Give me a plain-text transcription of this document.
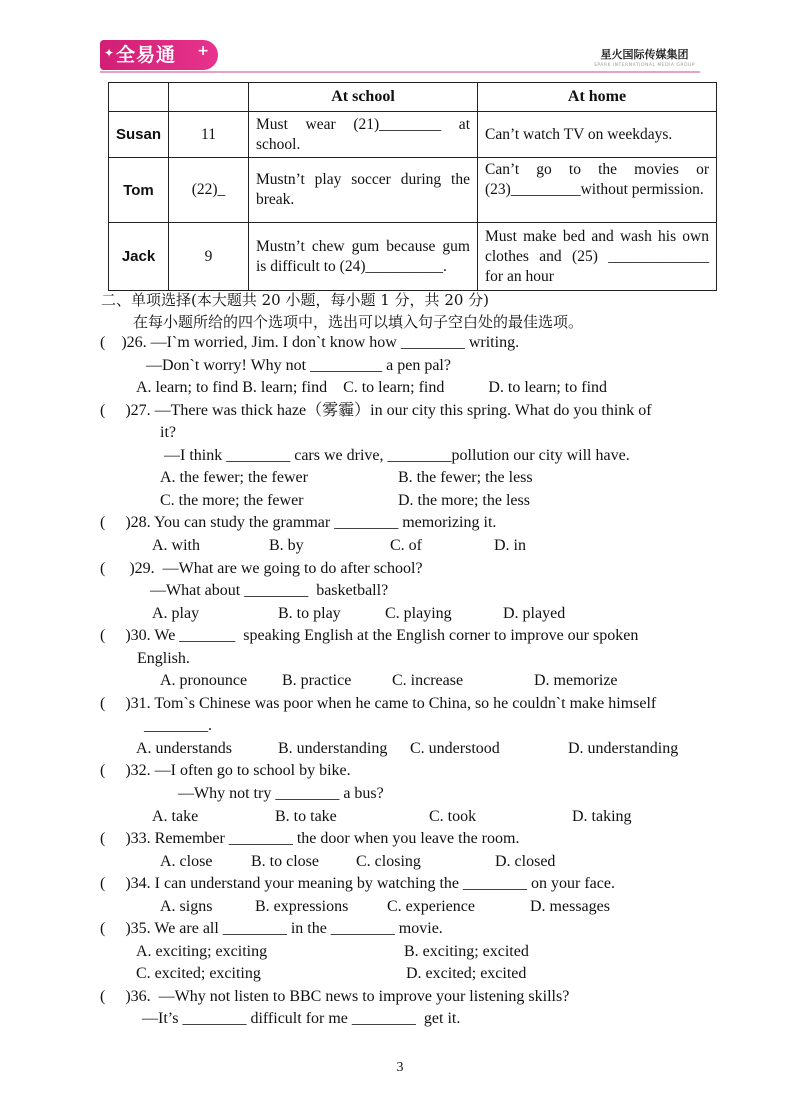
✦ 全易通 +	星火国际传媒集团
SPARK INTERNATIONAL MEDIA GROUP
		At school	At home
Susan	11	Must wear (21)________ at school.	Can’t watch TV on weekdays.
Tom	(22)_	Mustn’t play soccer during the break.	Can’t go to the movies or (23)_________without permission.

Jack	9	Mustn’t chew gum because gum is difficult to (24)__________.	Must make bed and wash his own clothes and (25) _____________ for an hour
二、单项选择(本大题共 20 小题，每小题 1 分，共 20 分)
在每小题所给的四个选项中，选出可以填入句子空白处的最佳选项。
(    )26. —I`m worried, Jim. I don`t know how ________ writing.
—Don`t worry! Why not _________ a pen pal?
A. learn; to find B. learn; find    C. to learn; find           D. to learn; to find
(     )27. —There was thick haze（雾霾）in our city this spring. What do you think of
it?
—I think ________ cars we drive, ________pollution our city will have.
A. the fewer; the fewer	B. the fewer; the less
C. the more; the fewer	D. the more; the less
(     )28. You can study the grammar ________ memorizing it.
A. with	B. by	C. of	D. in
(      )29.  —What are we going to do after school?
—What about ________  basketball?
A. play	B. to play	C. playing	D. played
(     )30. We _______  speaking English at the English corner to improve our spoken
English.
A. pronounce B. practice	C. increase	D. memorize
(     )31. Tom`s Chinese was poor when he came to China, so he couldn`t make himself
________.
A. understands	B. understanding C. understood	D. understanding
(     )32. —I often go to school by bike.
—Why not try ________ a bus?
A. take	B. to take	C. took	D. taking
(     )33. Remember ________ the door when you leave the room.
A. close B. to close C. closing	D. closed
(     )34. I can understand your meaning by watching the ________ on your face.
A. signs	B. expressions C. experience	D. messages
(     )35. We are all ________ in the ________ movie.
A. exciting; exciting	B. exciting; excited
C. excited; exciting	D. excited; excited
(     )36.  —Why not listen to BBC news to improve your listening skills?
—It’s ________ difficult for me ________  get it.
3
